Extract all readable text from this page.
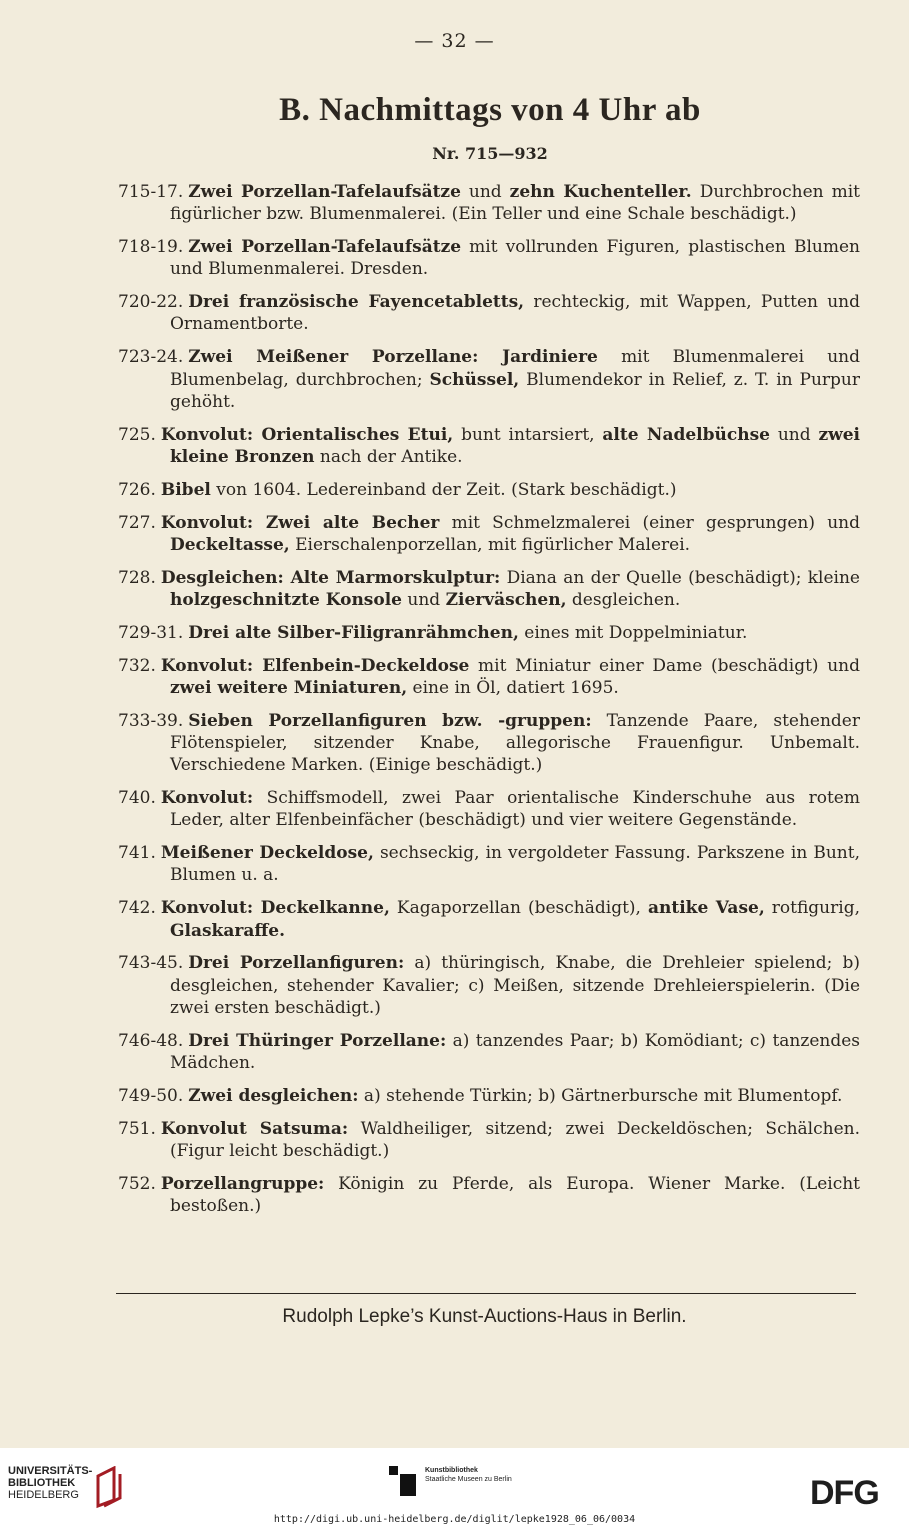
— 32 —
B. Nachmittags von 4 Uhr ab
Nr. 715—932
715-17. Zwei Porzellan-Tafelaufsätze und zehn Kuchenteller. Durchbrochen mit figürlicher bzw. Blumenmalerei. (Ein Teller und eine Schale beschädigt.)
718-19. Zwei Porzellan-Tafelaufsätze mit vollrunden Figuren, plastischen Blumen und Blumenmalerei. Dresden.
720-22. Drei französische Fayencetabletts, rechteckig, mit Wappen, Putten und Ornamentborte.
723-24. Zwei Meißener Porzellane: Jardiniere mit Blumenmalerei und Blumenbelag, durchbrochen; Schüssel, Blumendekor in Relief, z. T. in Purpur gehöht.
725. Konvolut: Orientalisches Etui, bunt intarsiert, alte Nadelbüchse und zwei kleine Bronzen nach der Antike.
726. Bibel von 1604. Ledereinband der Zeit. (Stark beschädigt.)
727. Konvolut: Zwei alte Becher mit Schmelzmalerei (einer gesprungen) und Deckeltasse, Eierschalenporzellan, mit figürlicher Malerei.
728. Desgleichen: Alte Marmorskulptur: Diana an der Quelle (beschädigt); kleine holzgeschnitzte Konsole und Zierväschen, desgleichen.
729-31. Drei alte Silber-Filigranrähmchen, eines mit Doppelminiatur.
732. Konvolut: Elfenbein-Deckeldose mit Miniatur einer Dame (beschädigt) und zwei weitere Miniaturen, eine in Öl, datiert 1695.
733-39. Sieben Porzellanfiguren bzw. -gruppen: Tanzende Paare, stehender Flötenspieler, sitzender Knabe, allegorische Frauenfigur. Unbemalt. Verschiedene Marken. (Einige beschädigt.)
740. Konvolut: Schiffsmodell, zwei Paar orientalische Kinderschuhe aus rotem Leder, alter Elfenbeinfächer (beschädigt) und vier weitere Gegenstände.
741. Meißener Deckeldose, sechseckig, in vergoldeter Fassung. Parkszene in Bunt, Blumen u. a.
742. Konvolut: Deckelkanne, Kagaporzellan (beschädigt), antike Vase, rotfigurig, Glaskaraffe.
743-45. Drei Porzellanfiguren: a) thüringisch, Knabe, die Drehleier spielend; b) desgleichen, stehender Kavalier; c) Meißen, sitzende Drehleierspielerin. (Die zwei ersten beschädigt.)
746-48. Drei Thüringer Porzellane: a) tanzendes Paar; b) Komödiant; c) tanzendes Mädchen.
749-50. Zwei desgleichen: a) stehende Türkin; b) Gärtnerbursche mit Blumentopf.
751. Konvolut Satsuma: Waldheiliger, sitzend; zwei Deckeldöschen; Schälchen. (Figur leicht beschädigt.)
752. Porzellangruppe: Königin zu Pferde, als Europa. Wiener Marke. (Leicht bestoßen.)
Rudolph Lepke’s Kunst-Auctions-Haus in Berlin.
UNIVERSITÄTS-
BIBLIOTHEK
HEIDELBERG
Kunstbibliothek
Staatliche Museen zu Berlin	DFG
http://digi.ub.uni-heidelberg.de/diglit/lepke1928_06_06/0034
